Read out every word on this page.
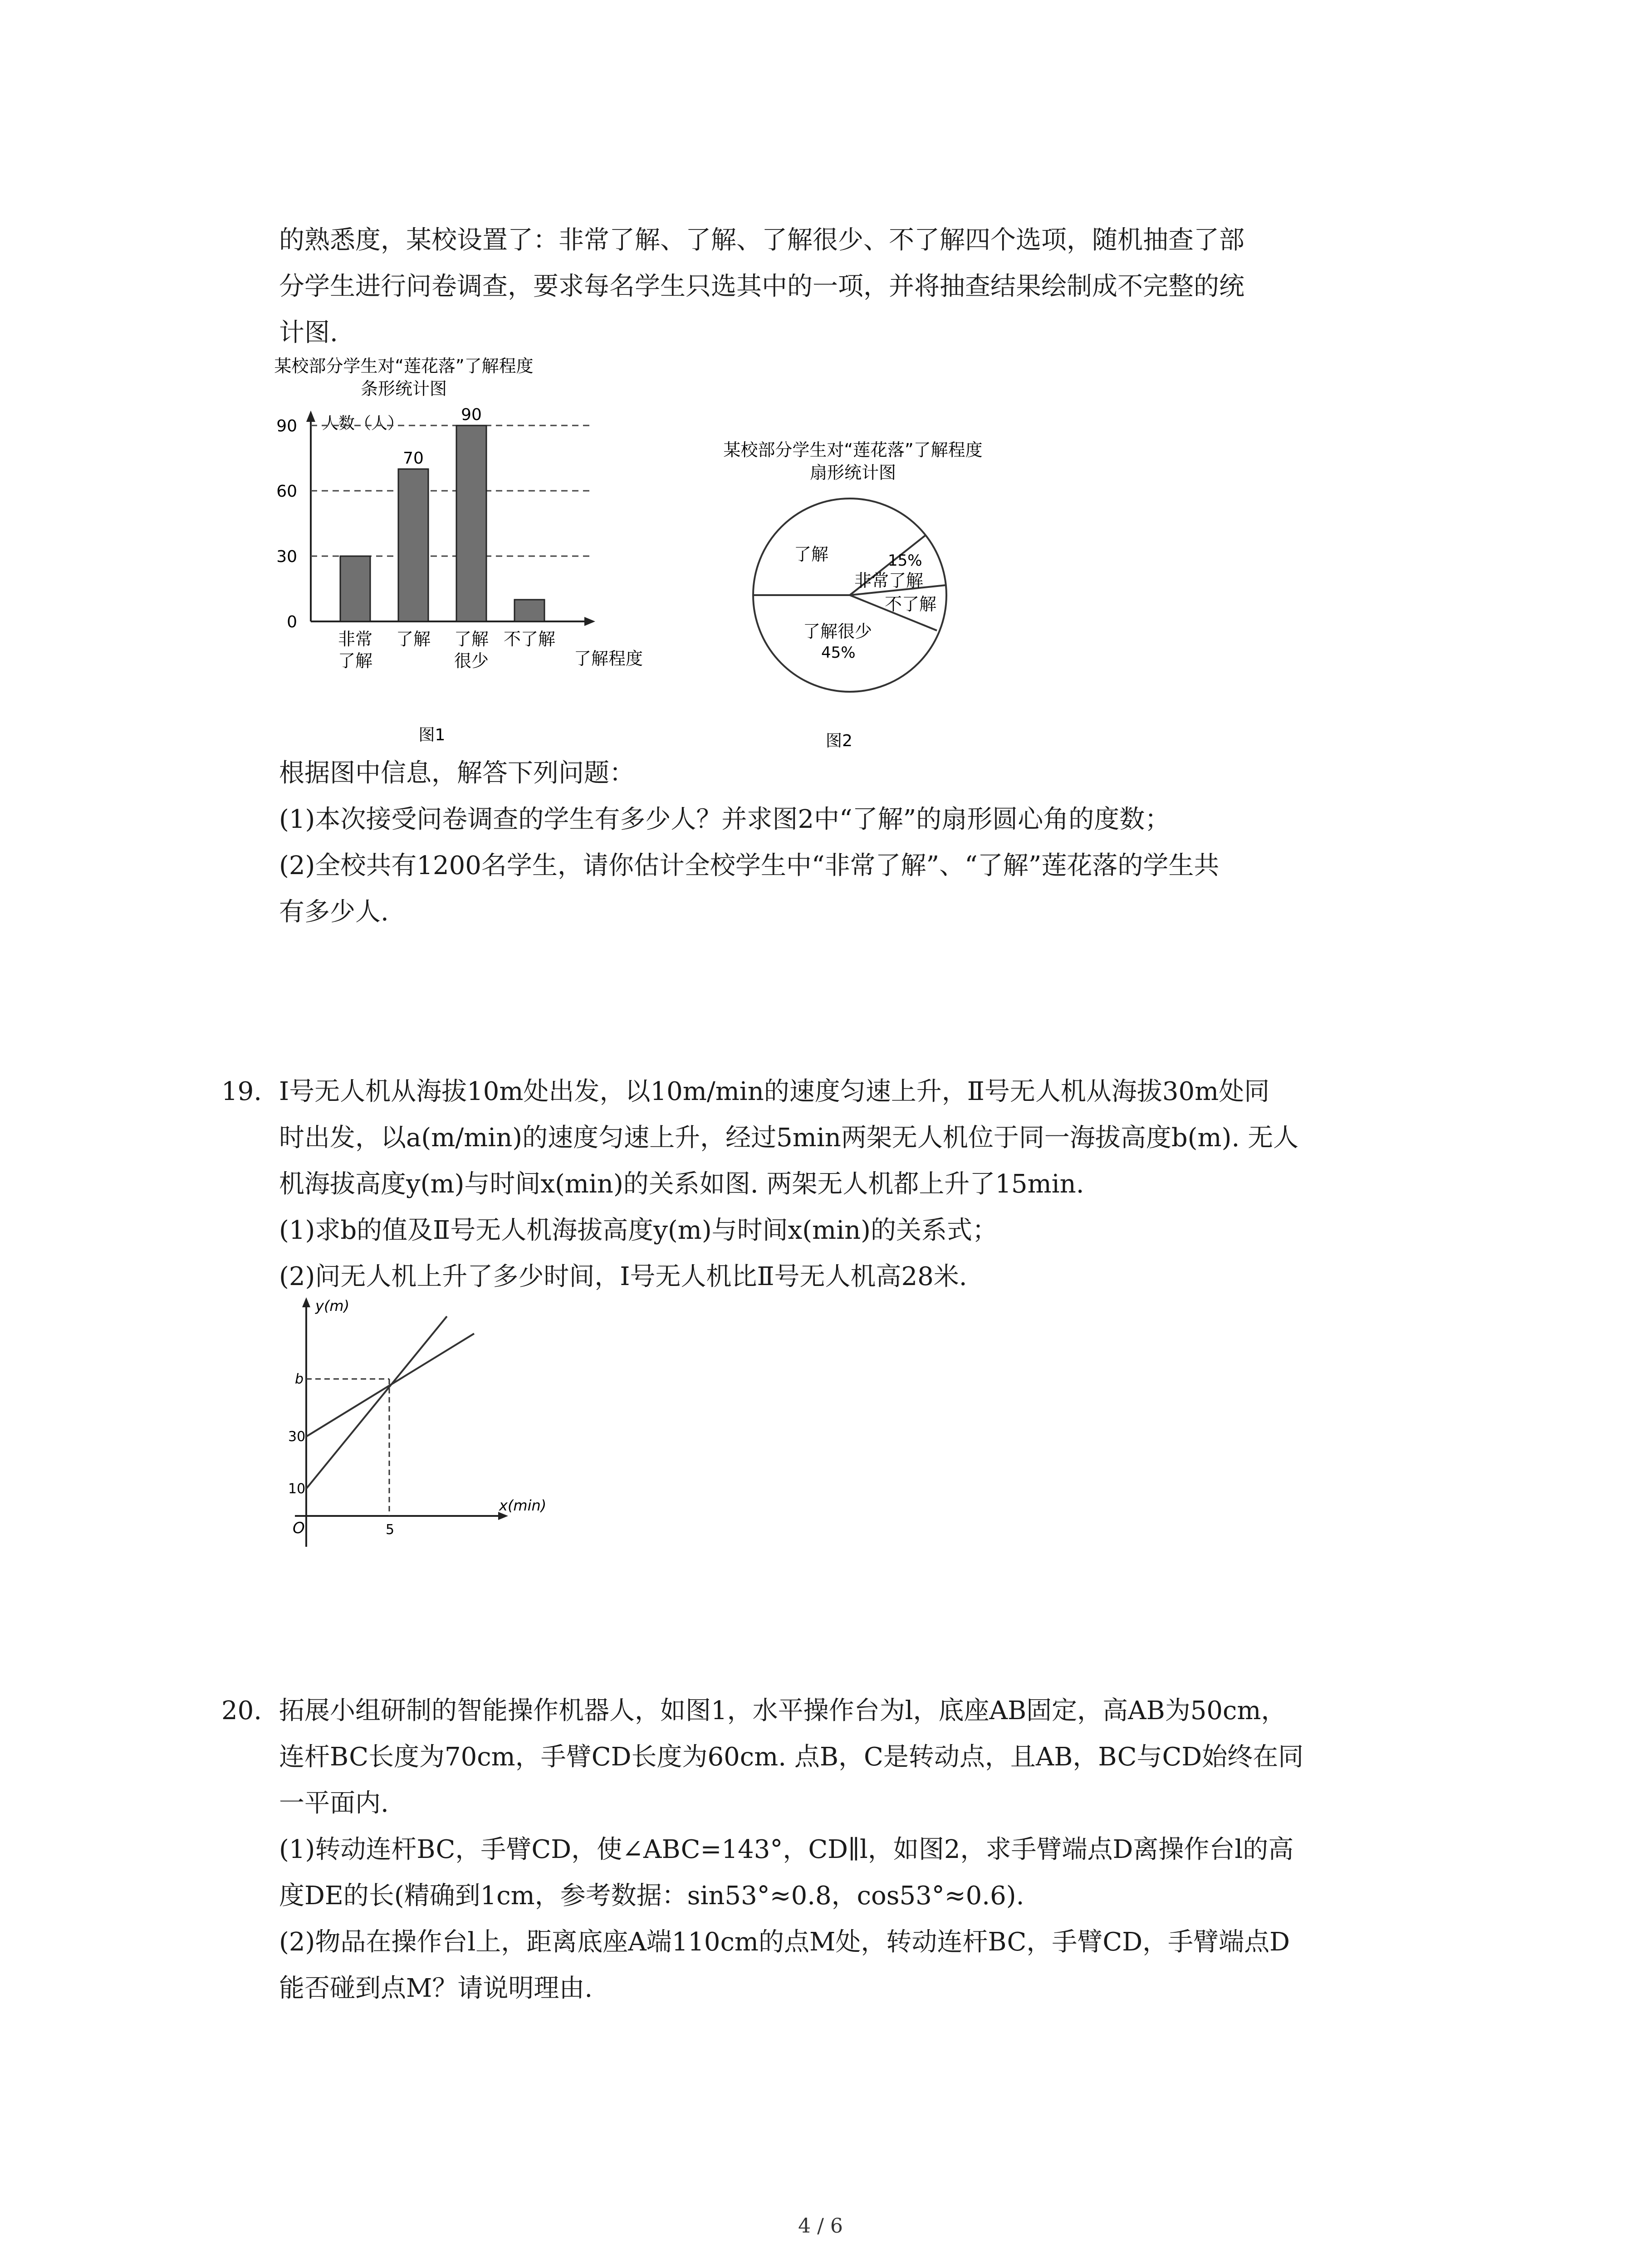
的熟悉度，某校设置了：非常了解、了解、了解很少、不了解四个选项，随机抽查了部
分学生进行问卷调查，要求每名学生只选其中的一项，并将抽查结果绘制成不完整的统
计图.
某校部分学生对“莲花落”了解程度
条形统计图
人数（人）
了解程度
0
30
60
90
70
90
非常
了解
了解 了解
很少
不了解
图1
某校部分学生对“莲花落”了解程度
扇形统计图
了解	15%
非常了解
不了解
了解很少
45%
图2
根据图中信息，解答下列问题：
(1)本次接受问卷调查的学生有多少人？并求图2中“了解”的扇形圆心角的度数；
(2)全校共有1200名学生，请你估计全校学生中“非常了解”、“了解”莲花落的学生共
有多少人.
19. Ⅰ号无人机从海拔10m处出发，以10m/min的速度匀速上升，Ⅱ号无人机从海拔30m处同
时出发，以a(m/min)的速度匀速上升，经过5min两架无人机位于同一海拔高度b(m). 无人
机海拔高度y(m)与时间x(min)的关系如图. 两架无人机都上升了15min.
(1)求b的值及Ⅱ号无人机海拔高度y(m)与时间x(min)的关系式；
(2)问无人机上升了多少时间，Ⅰ号无人机比Ⅱ号无人机高28米.
y(m)
x(min)
O
b
30
10
5
20. 拓展小组研制的智能操作机器人，如图1，水平操作台为l，底座AB固定，高AB为50cm，
连杆BC长度为70cm，手臂CD长度为60cm. 点B，C是转动点，且AB，BC与CD始终在同
一平面内.
(1)转动连杆BC，手臂CD，使∠ABC=143°，CD∥l，如图2，求手臂端点D离操作台l的高
度DE的长(精确到1cm，参考数据：sin53°≈0.8，cos53°≈0.6).
(2)物品在操作台l上，距离底座A端110cm的点M处，转动连杆BC，手臂CD，手臂端点D
能否碰到点M？请说明理由.
4 / 6
